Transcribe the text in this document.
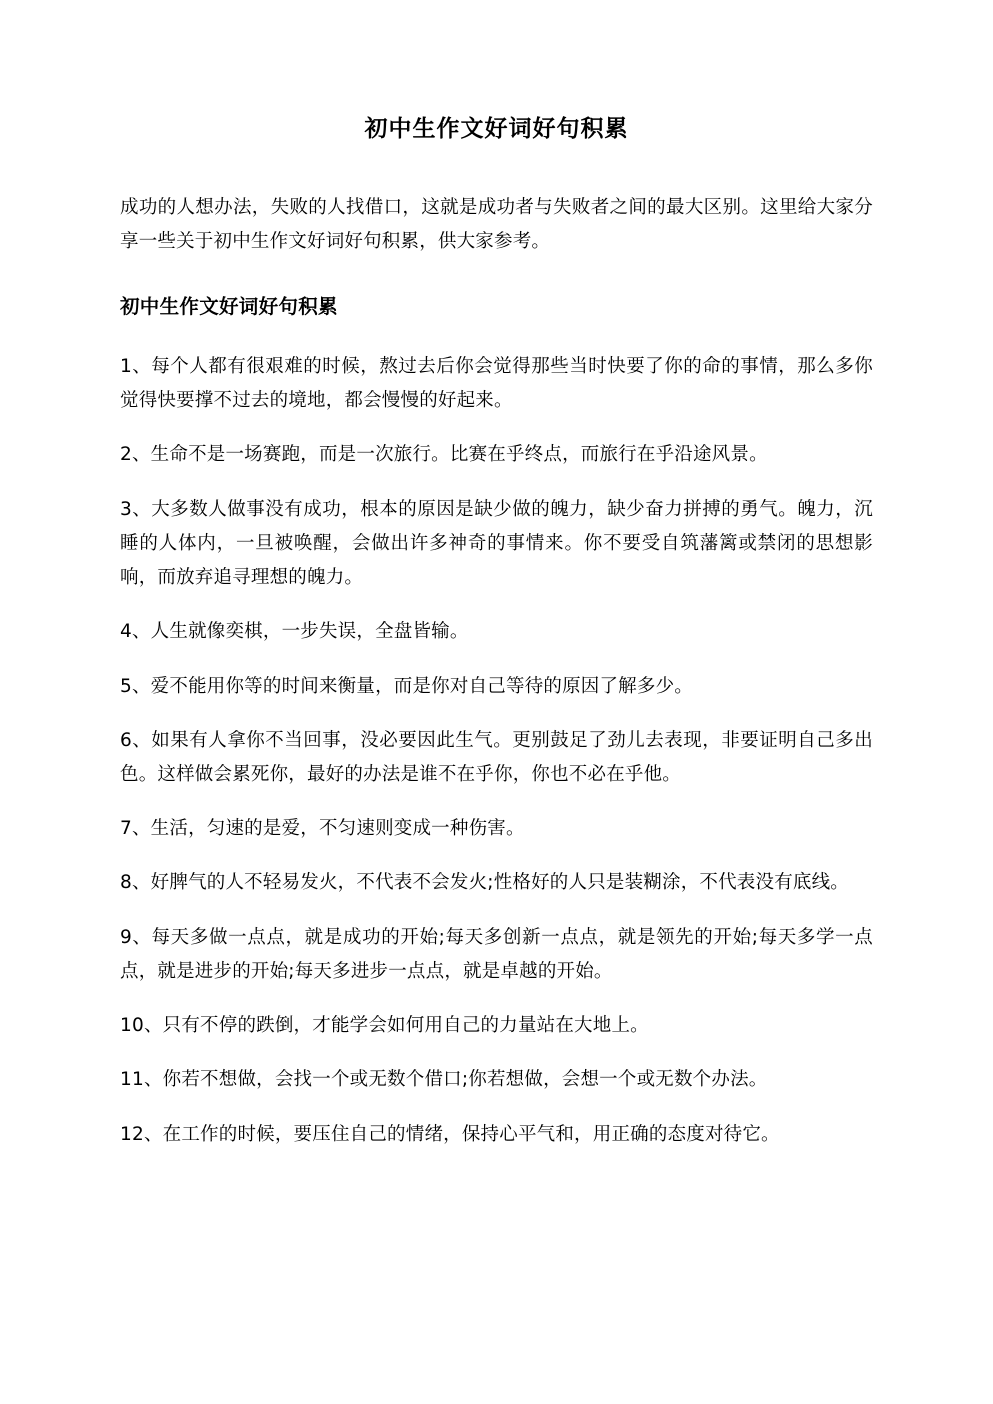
初中生作文好词好句积累

成功的人想办法，失败的人找借口，这就是成功者与失败者之间的最大区别。这里给大家分享一些关于初中生作文好词好句积累，供大家参考。

初中生作文好词好句积累

1、每个人都有很艰难的时候，熬过去后你会觉得那些当时快要了你的命的事情，那么多你觉得快要撑不过去的境地，都会慢慢的好起来。

2、生命不是一场赛跑，而是一次旅行。比赛在乎终点，而旅行在乎沿途风景。

3、大多数人做事没有成功，根本的原因是缺少做的魄力，缺少奋力拼搏的勇气。魄力，沉睡的人体内，一旦被唤醒，会做出许多神奇的事情来。你不要受自筑藩篱或禁闭的思想影响，而放弃追寻理想的魄力。

4、人生就像奕棋，一步失误，全盘皆输。

5、爱不能用你等的时间来衡量，而是你对自己等待的原因了解多少。

6、如果有人拿你不当回事，没必要因此生气。更别鼓足了劲儿去表现，非要证明自己多出色。这样做会累死你，最好的办法是谁不在乎你，你也不必在乎他。

7、生活，匀速的是爱，不匀速则变成一种伤害。

8、好脾气的人不轻易发火，不代表不会发火;性格好的人只是装糊涂，不代表没有底线。

9、每天多做一点点，就是成功的开始;每天多创新一点点，就是领先的开始;每天多学一点点，就是进步的开始;每天多进步一点点，就是卓越的开始。

10、只有不停的跌倒，才能学会如何用自己的力量站在大地上。

11、你若不想做，会找一个或无数个借口;你若想做，会想一个或无数个办法。

12、在工作的时候，要压住自己的情绪，保持心平气和，用正确的态度对待它。
